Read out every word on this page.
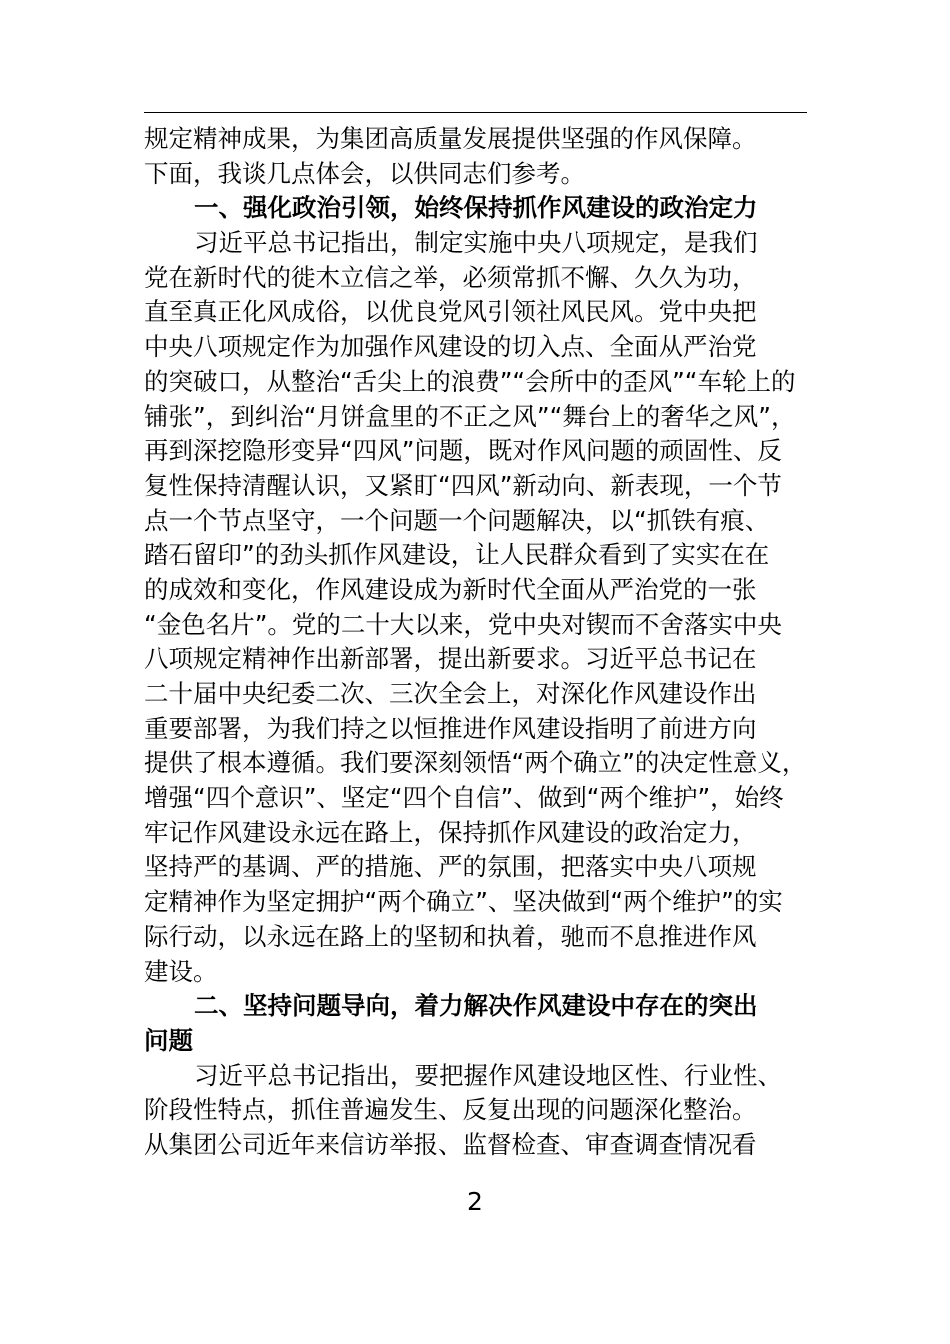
规定精神成果，为集团高质量发展提供坚强的作风保障。
下面，我谈几点体会，以供同志们参考。
一、强化政治引领，始终保持抓作风建设的政治定力
习近平总书记指出，制定实施中央八项规定，是我们
党在新时代的徙木立信之举，必须常抓不懈、久久为功，
直至真正化风成俗，以优良党风引领社风民风。党中央把
中央八项规定作为加强作风建设的切入点、全面从严治党
的突破口，从整治“舌尖上的浪费”“会所中的歪风”“车轮上的
铺张”，到纠治“月饼盒里的不正之风”“舞台上的奢华之风”，
再到深挖隐形变异“四风”问题，既对作风问题的顽固性、反
复性保持清醒认识，又紧盯“四风”新动向、新表现，一个节
点一个节点坚守，一个问题一个问题解决，以“抓铁有痕、
踏石留印”的劲头抓作风建设，让人民群众看到了实实在在
的成效和变化，作风建设成为新时代全面从严治党的一张
“金色名片”。党的二十大以来，党中央对锲而不舍落实中央
八项规定精神作出新部署，提出新要求。习近平总书记在
二十届中央纪委二次、三次全会上，对深化作风建设作出
重要部署，为我们持之以恒推进作风建设指明了前进方向
提供了根本遵循。我们要深刻领悟“两个确立”的决定性意义，
增强“四个意识”、坚定“四个自信”、做到“两个维护”，始终
牢记作风建设永远在路上，保持抓作风建设的政治定力，
坚持严的基调、严的措施、严的氛围，把落实中央八项规
定精神作为坚定拥护“两个确立”、坚决做到“两个维护”的实
际行动，以永远在路上的坚韧和执着，驰而不息推进作风
建设。
二、坚持问题导向，着力解决作风建设中存在的突出
问题
习近平总书记指出，要把握作风建设地区性、行业性、
阶段性特点，抓住普遍发生、反复出现的问题深化整治。
从集团公司近年来信访举报、监督检查、审查调查情况看
2
